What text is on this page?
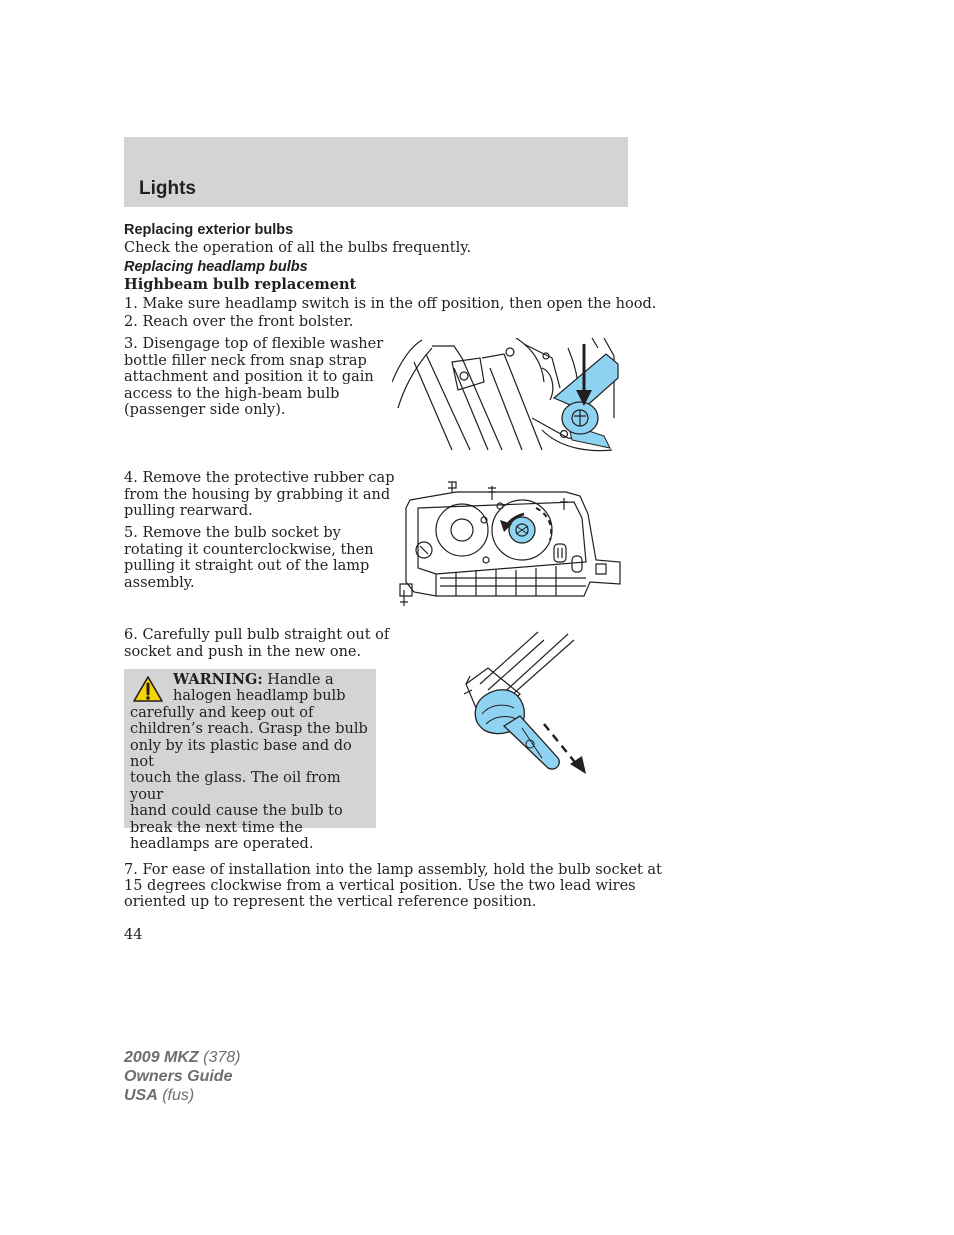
Lights
Replacing exterior bulbs
Check the operation of all the bulbs frequently.
Replacing headlamp bulbs
Highbeam bulb replacement
1. Make sure headlamp switch is in the off position, then open the hood.
2. Reach over the front bolster.
3. Disengage top of flexible washer
bottle filler neck from snap strap
attachment and position it to gain
access to the high-beam bulb
(passenger side only).
4. Remove the protective rubber cap
from the housing by grabbing it and
pulling rearward.
5. Remove the bulb socket by
rotating it counterclockwise, then
pulling it straight out of the lamp
assembly.
6. Carefully pull bulb straight out of
socket and push in the new one.
WARNING: Handle a
halogen headlamp bulb
carefully and keep out of
children’s reach. Grasp the bulb
only by its plastic base and do not
touch the glass. The oil from your
hand could cause the bulb to
break the next time the
headlamps are operated.
7. For ease of installation into the lamp assembly, hold the bulb socket at
15 degrees clockwise from a vertical position. Use the two lead wires
oriented up to represent the vertical reference position.
44
2009 MKZ (378)
Owners Guide
USA (fus)
